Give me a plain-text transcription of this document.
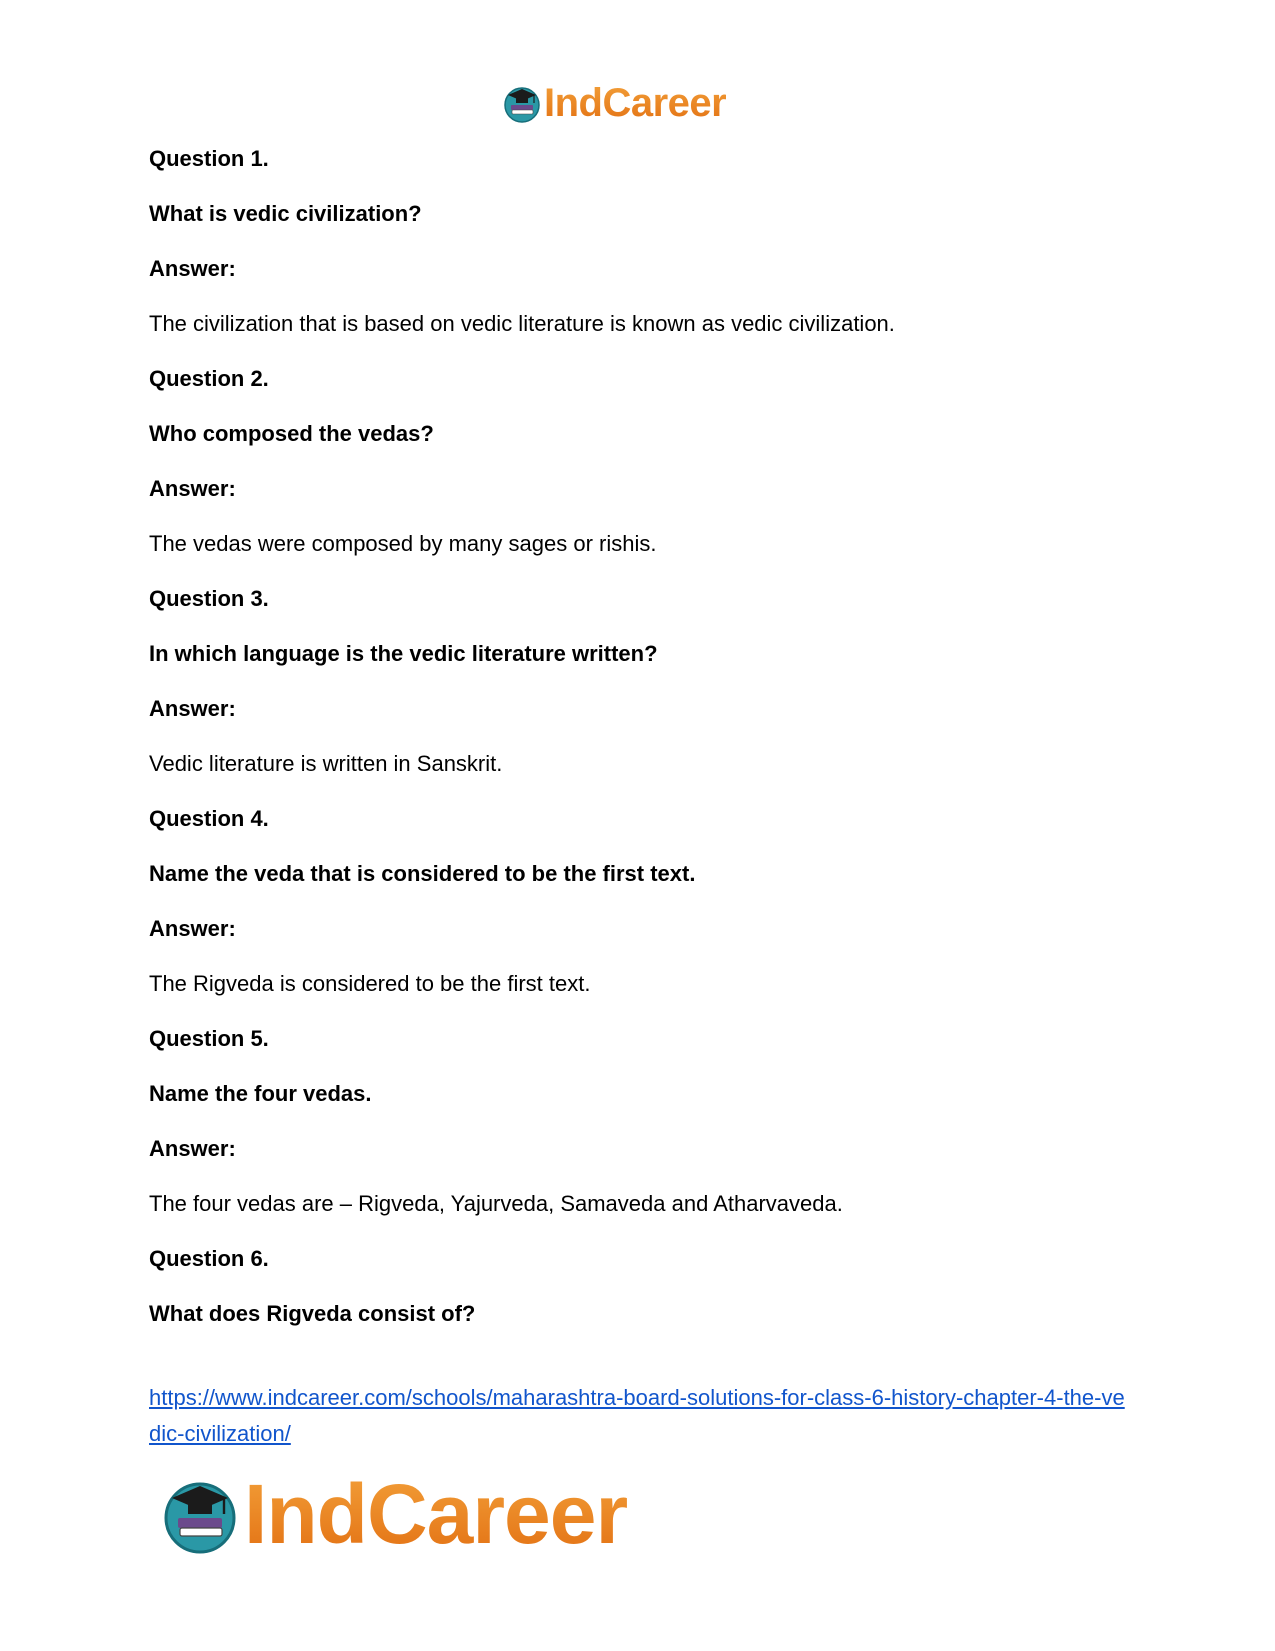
IndCareer
Question 1.
What is vedic civilization?
Answer:
The civilization that is based on vedic literature is known as vedic civilization.
Question 2.
Who composed the vedas?
Answer:
The vedas were composed by many sages or rishis.
Question 3.
In which language is the vedic literature written?
Answer:
Vedic literature is written in Sanskrit.
Question 4.
Name the veda that is considered to be the first text.
Answer:
The Rigveda is considered to be the first text.
Question 5.
Name the four vedas.
Answer:
The four vedas are – Rigveda, Yajurveda, Samaveda and Atharvaveda.
Question 6.
What does Rigveda consist of?
https://www.indcareer.com/schools/maharashtra-board-solutions-for-class-6-history-chapter-4-the-vedic-civilization/
IndCareer
